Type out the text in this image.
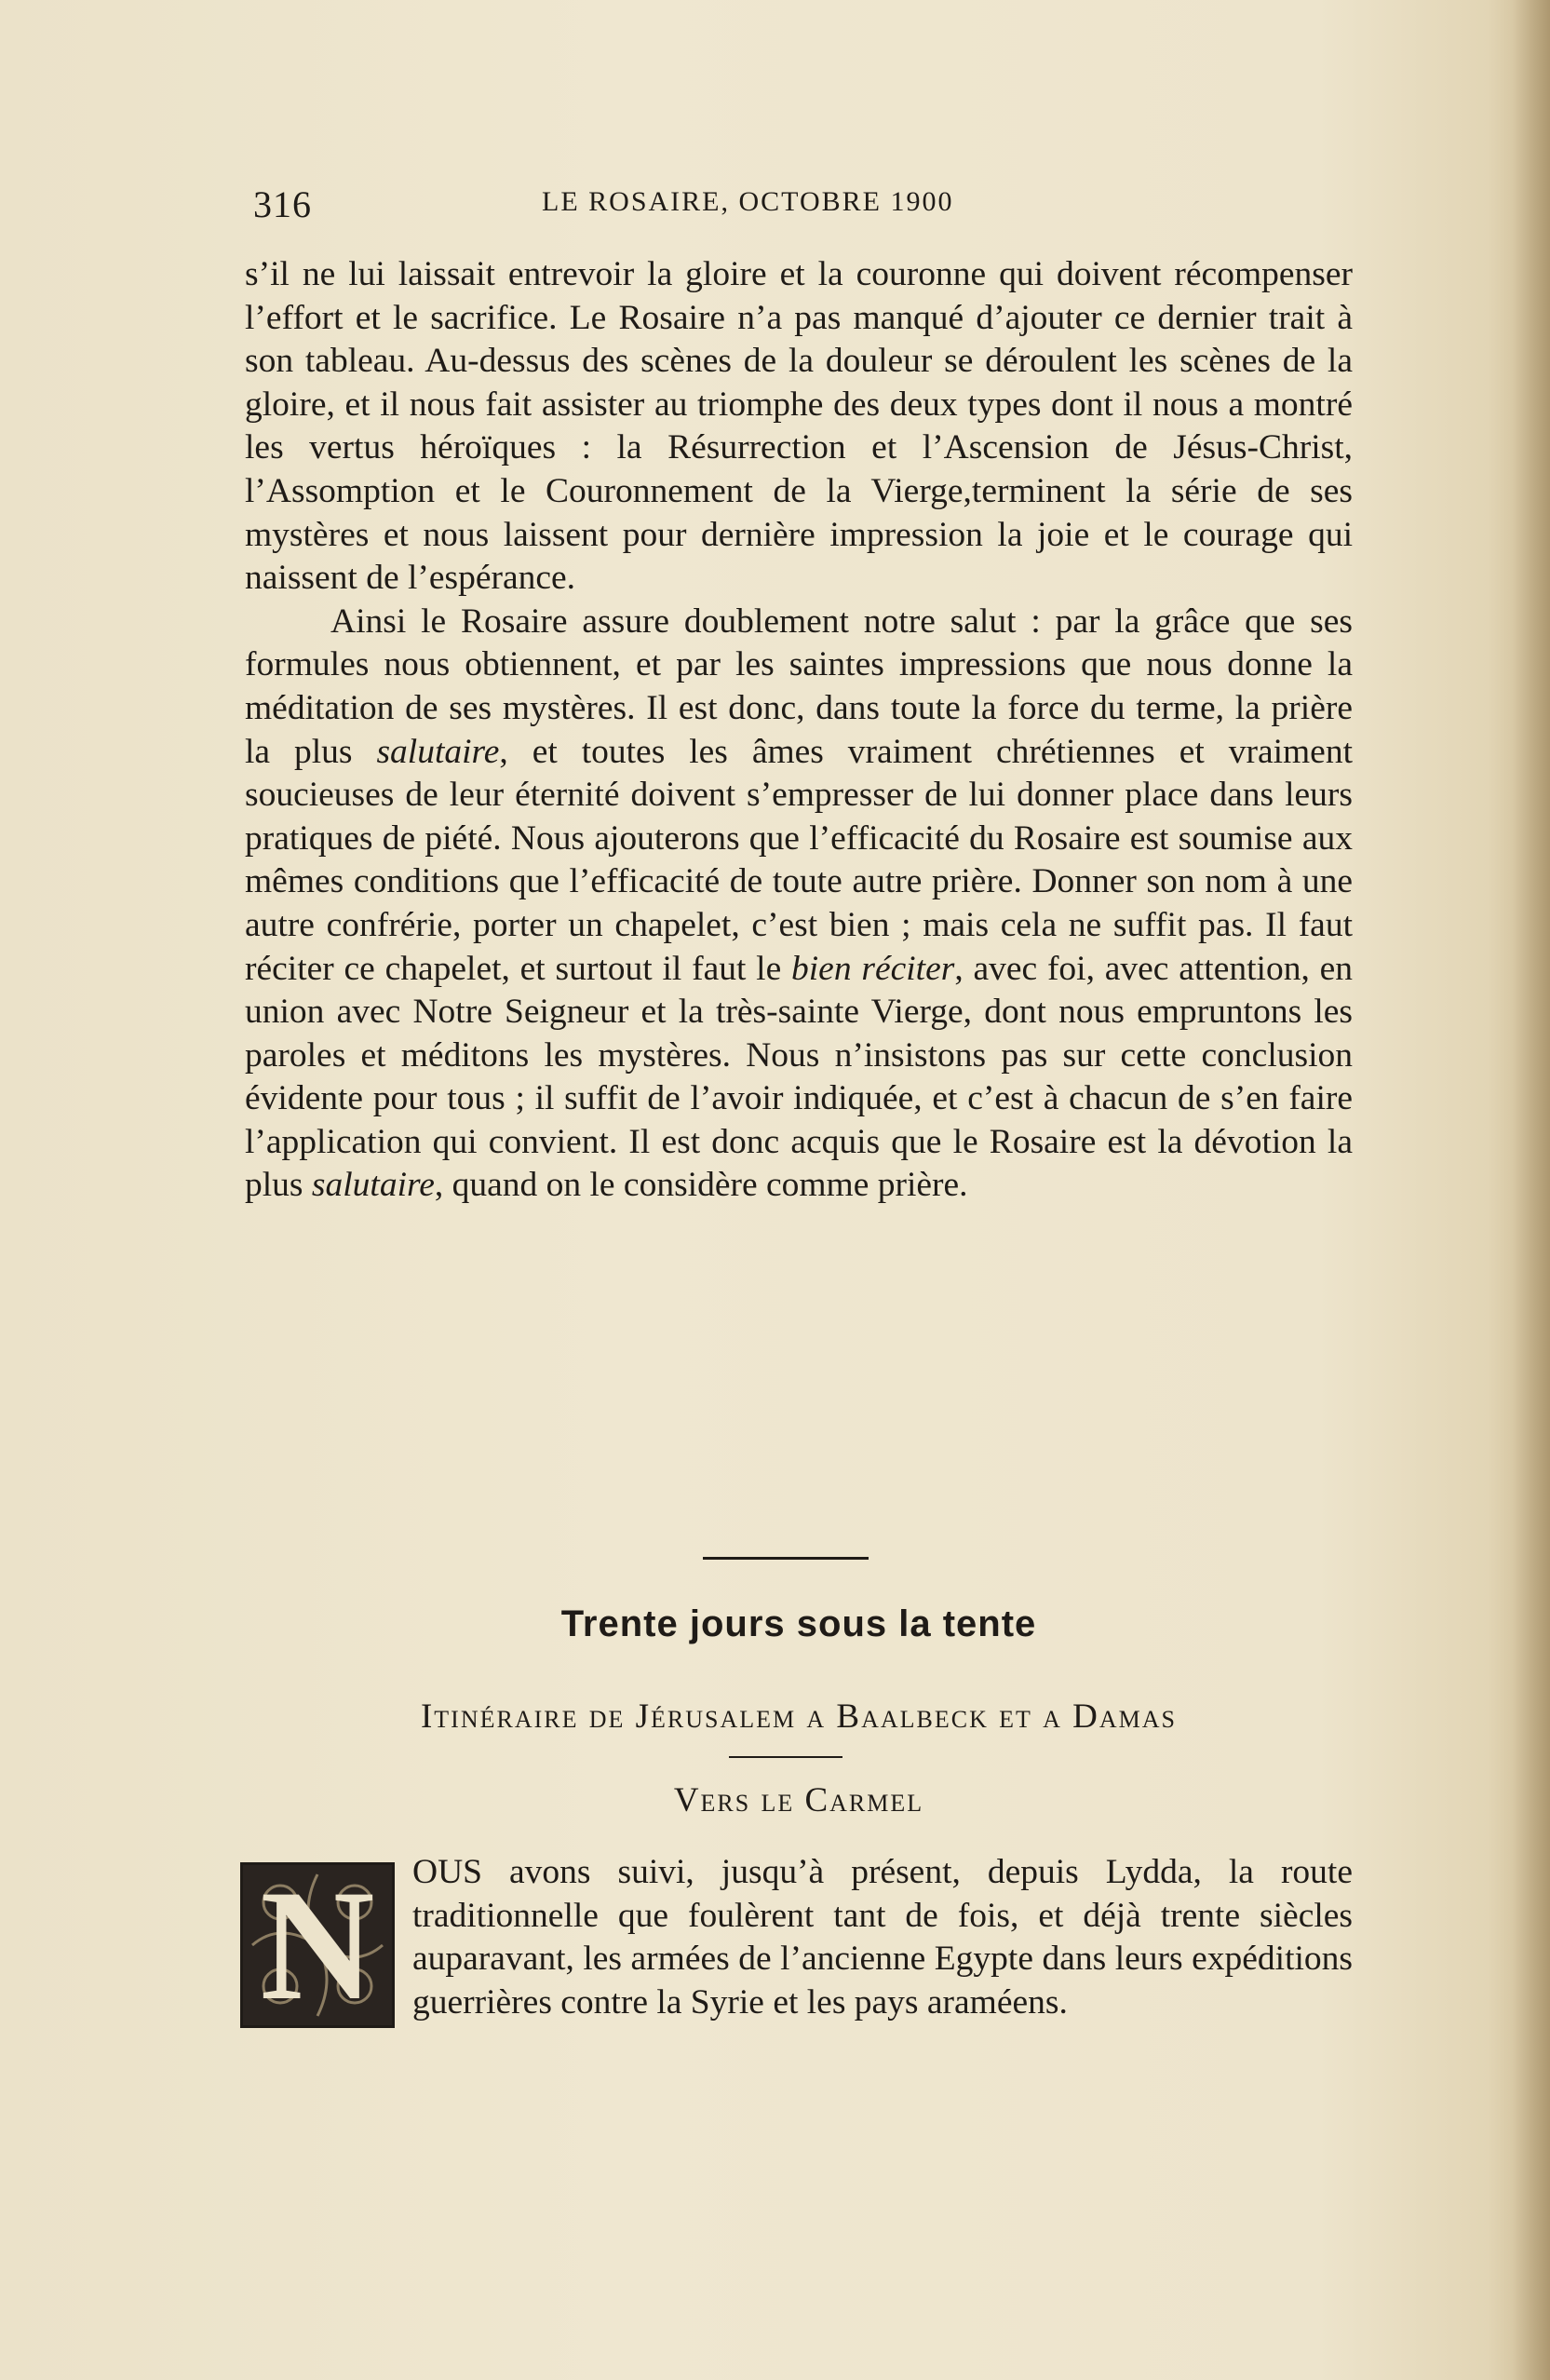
316	LE ROSAIRE, OCTOBRE 1900

s’il ne lui laissait entrevoir la gloire et la couronne qui doivent récompenser l’effort et le sacrifice. Le Rosaire n’a pas manqué d’ajouter ce dernier trait à son tableau. Au-dessus des scènes de la douleur se déroulent les scènes de la gloire, et il nous fait assister au triomphe des deux types dont il nous a montré les vertus héroïques : la Résurrection et l’Ascension de Jésus-Christ, l’Assomption et le Couronnement de la Vierge,terminent la série de ses mystères et nous laissent pour dernière impression la joie et le courage qui naissent de l’espérance.

Ainsi le Rosaire assure doublement notre salut : par la grâce que ses formules nous obtiennent, et par les saintes impressions que nous donne la méditation de ses mystères. Il est donc, dans toute la force du terme, la prière la plus salutaire, et toutes les âmes vraiment chrétiennes et vraiment soucieuses de leur éternité doivent s’empresser de lui donner place dans leurs pratiques de piété. Nous ajouterons que l’efficacité du Rosaire est soumise aux mêmes conditions que l’efficacité de toute autre prière. Donner son nom à une autre confrérie, porter un chapelet, c’est bien ; mais cela ne suffit pas. Il faut réciter ce chapelet, et surtout il faut le bien réciter, avec foi, avec attention, en union avec Notre Seigneur et la très-sainte Vierge, dont nous empruntons les paroles et méditons les mystères. Nous n’insistons pas sur cette conclusion évidente pour tous ; il suffit de l’avoir indiquée, et c’est à chacun de s’en faire l’application qui convient. Il est donc acquis que le Rosaire est la dévotion la plus salutaire, quand on le considère comme prière.

Trente jours sous la tente
Itinéraire de Jérusalem a Baalbeck et a Damas
Vers le Carmel
N	OUS avons suivi, jusqu’à présent, depuis Lydda, la route traditionnelle que foulèrent tant de fois, et déjà trente siècles auparavant, les armées de l’ancienne Egypte dans leurs expéditions guerrières contre la Syrie et les pays araméens.
